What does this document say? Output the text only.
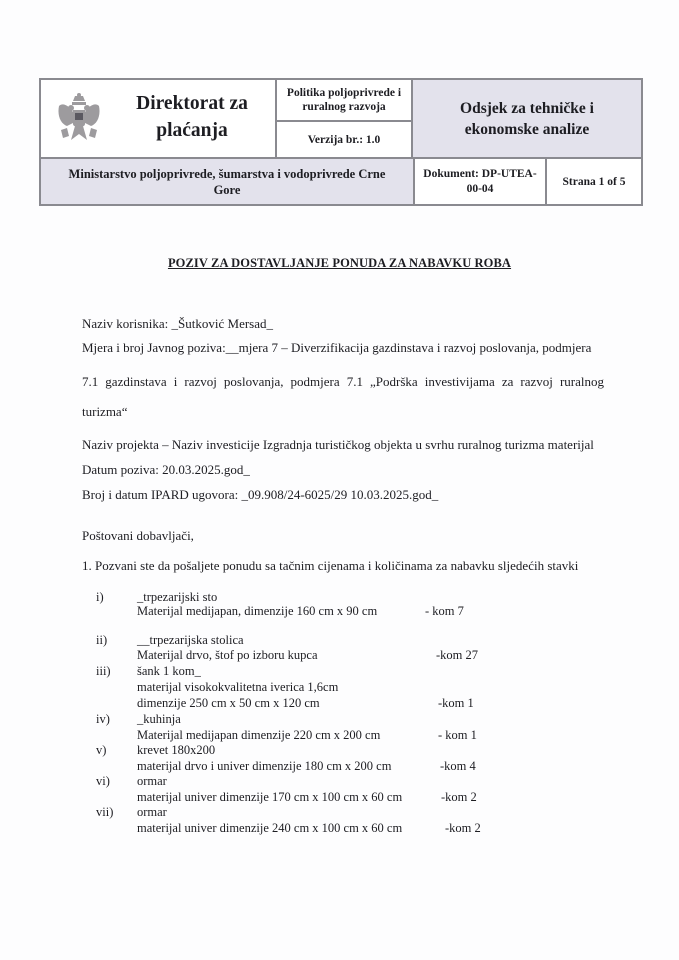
Direktorat za
plaćanja
Politika poljoprivrede i
ruralnog razvoja
Verzija br.: 1.0
Odsjek za tehničke i
ekonomske analize
Ministarstvo poljoprivrede, šumarstva i vodoprivrede Crne
Gore
Dokument: DP-UTEA-
00-04
Strana 1 of 5
POZIV ZA DOSTAVLJANJE PONUDA ZA NABAVKU ROBA
Naziv korisnika: _Šutković Mersad_
Mjera i broj Javnog poziva:__mjera 7 – Diverzifikacija gazdinstava i razvoj poslovanja, podmjera
7.1 gazdinstava i razvoj poslovanja, podmjera 7.1 „Podrška investivijama za razvoj ruralnog
turizma“
Naziv projekta – Naziv investicije Izgradnja turističkog objekta u svrhu ruralnog turizma materijal
Datum poziva: 20.03.2025.god_
Broj i datum IPARD ugovora: _09.908/24-6025/29 10.03.2025.god_
Poštovani dobavljači,
1. Pozvani ste da pošaljete ponudu sa tačnim cijenama i količinama za nabavku sljedećih stavki
i)	_trpezarijski sto
Materijal medijapan, dimenzije 160 cm x 90 cm	- kom 7
ii) __trpezarijska stolica
Materijal drvo, štof po izboru kupca	-kom 27
iii) šank 1 kom_
materijal visokokvalitetna iverica 1,6cm
dimenzije 250 cm x 50 cm x 120 cm	-kom 1
iv) _kuhinja
Materijal medijapan dimenzije 220 cm x 200 cm	- kom 1
v) krevet 180x200
materijal drvo i univer dimenzije 180 cm x 200 cm	-kom 4
vi) ormar
materijal univer dimenzije 170 cm x 100 cm x 60 cm	-kom 2
vii) ormar
materijal univer dimenzije 240 cm x 100 cm x 60 cm	-kom 2
